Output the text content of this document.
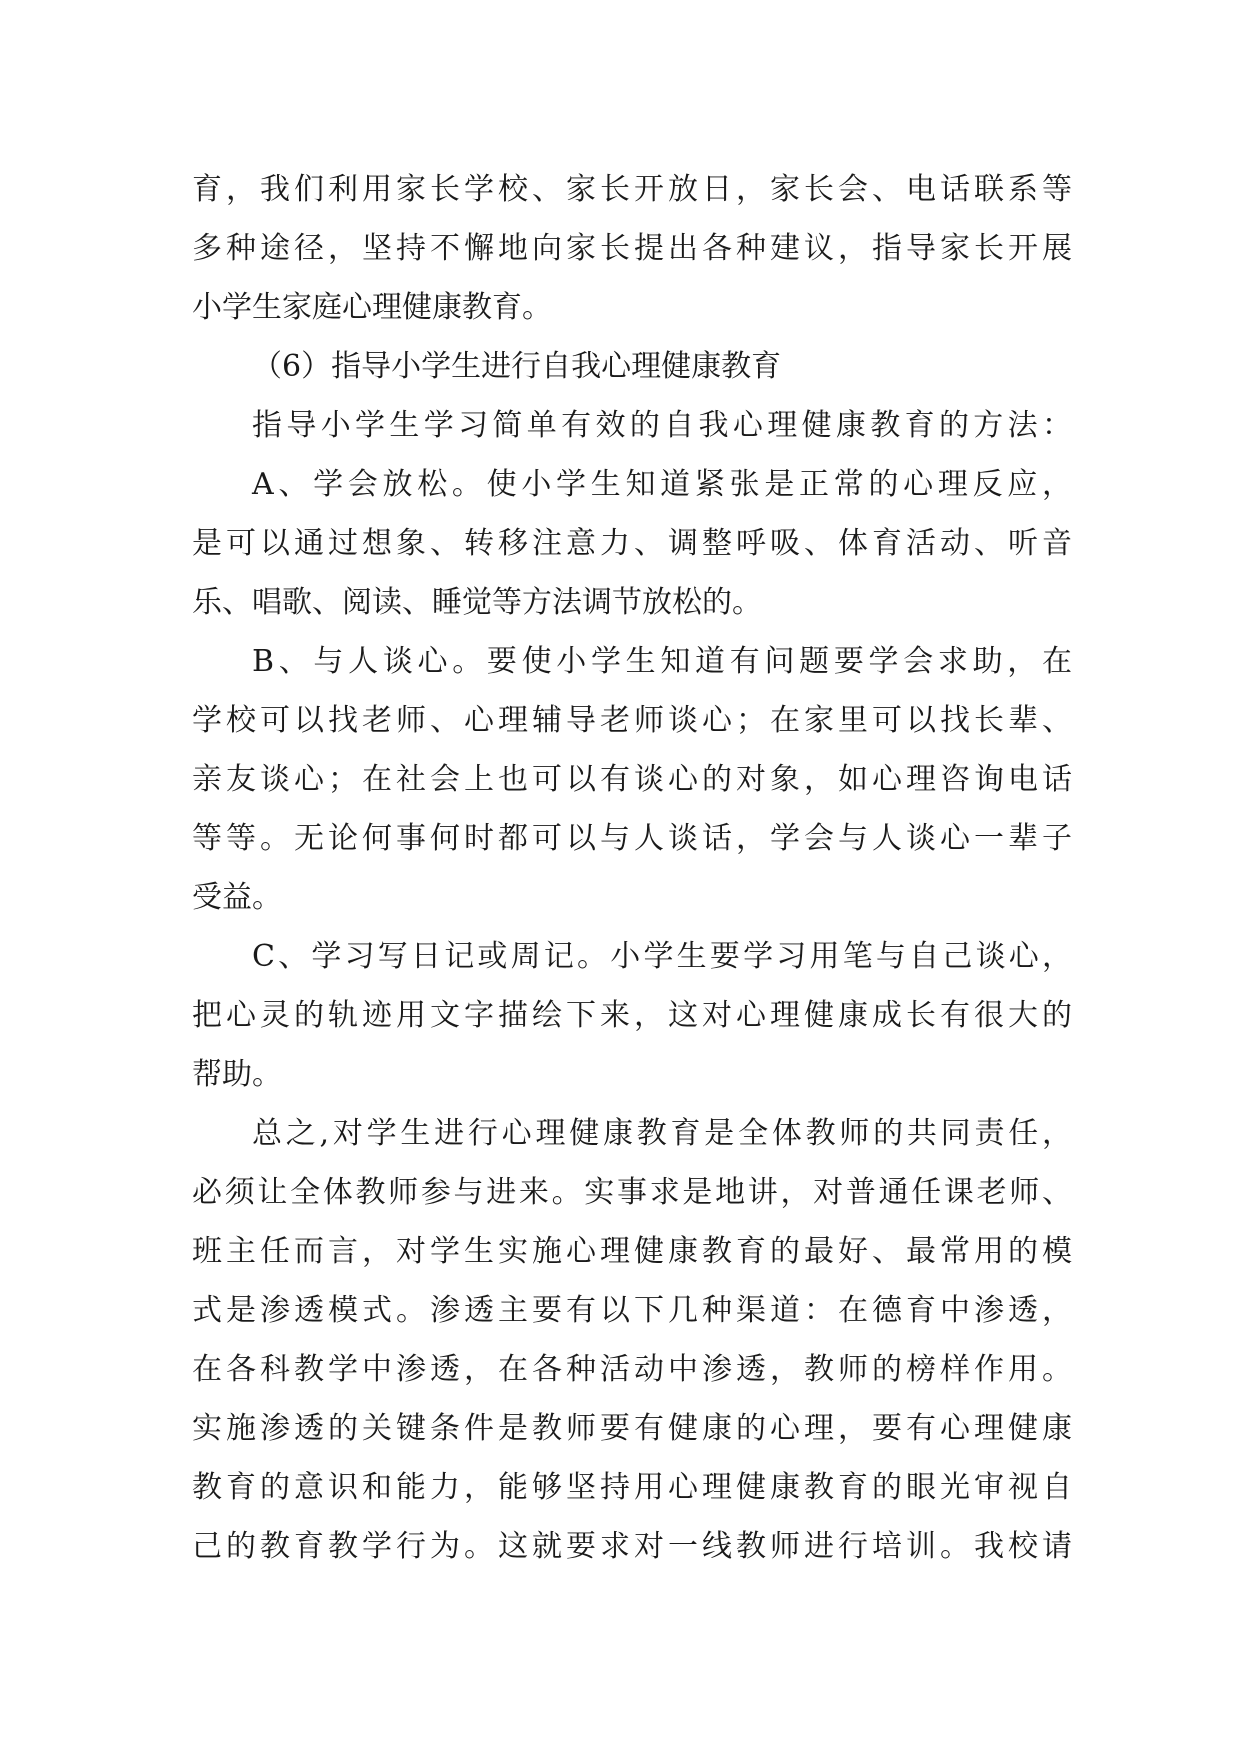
育，我们利用家长学校、家长开放日，家长会、电话联系等
多种途径，坚持不懈地向家长提出各种建议，指导家长开展
小学生家庭心理健康教育。
（6）指导小学生进行自我心理健康教育
指导小学生学习简单有效的自我心理健康教育的方法：
A、学会放松。使小学生知道紧张是正常的心理反应，
是可以通过想象、转移注意力、调整呼吸、体育活动、听音
乐、唱歌、阅读、睡觉等方法调节放松的。
B、与人谈心。要使小学生知道有问题要学会求助，在
学校可以找老师、心理辅导老师谈心；在家里可以找长辈、
亲友谈心；在社会上也可以有谈心的对象，如心理咨询电话
等等。无论何事何时都可以与人谈话，学会与人谈心一辈子
受益。
C、学习写日记或周记。小学生要学习用笔与自己谈心，
把心灵的轨迹用文字描绘下来，这对心理健康成长有很大的
帮助。
总之,对学生进行心理健康教育是全体教师的共同责任，
必须让全体教师参与进来。实事求是地讲，对普通任课老师、
班主任而言，对学生实施心理健康教育的最好、最常用的模
式是渗透模式。渗透主要有以下几种渠道：在德育中渗透，
在各科教学中渗透，在各种活动中渗透，教师的榜样作用。
实施渗透的关键条件是教师要有健康的心理，要有心理健康
教育的意识和能力，能够坚持用心理健康教育的眼光审视自
己的教育教学行为。这就要求对一线教师进行培训。我校请
